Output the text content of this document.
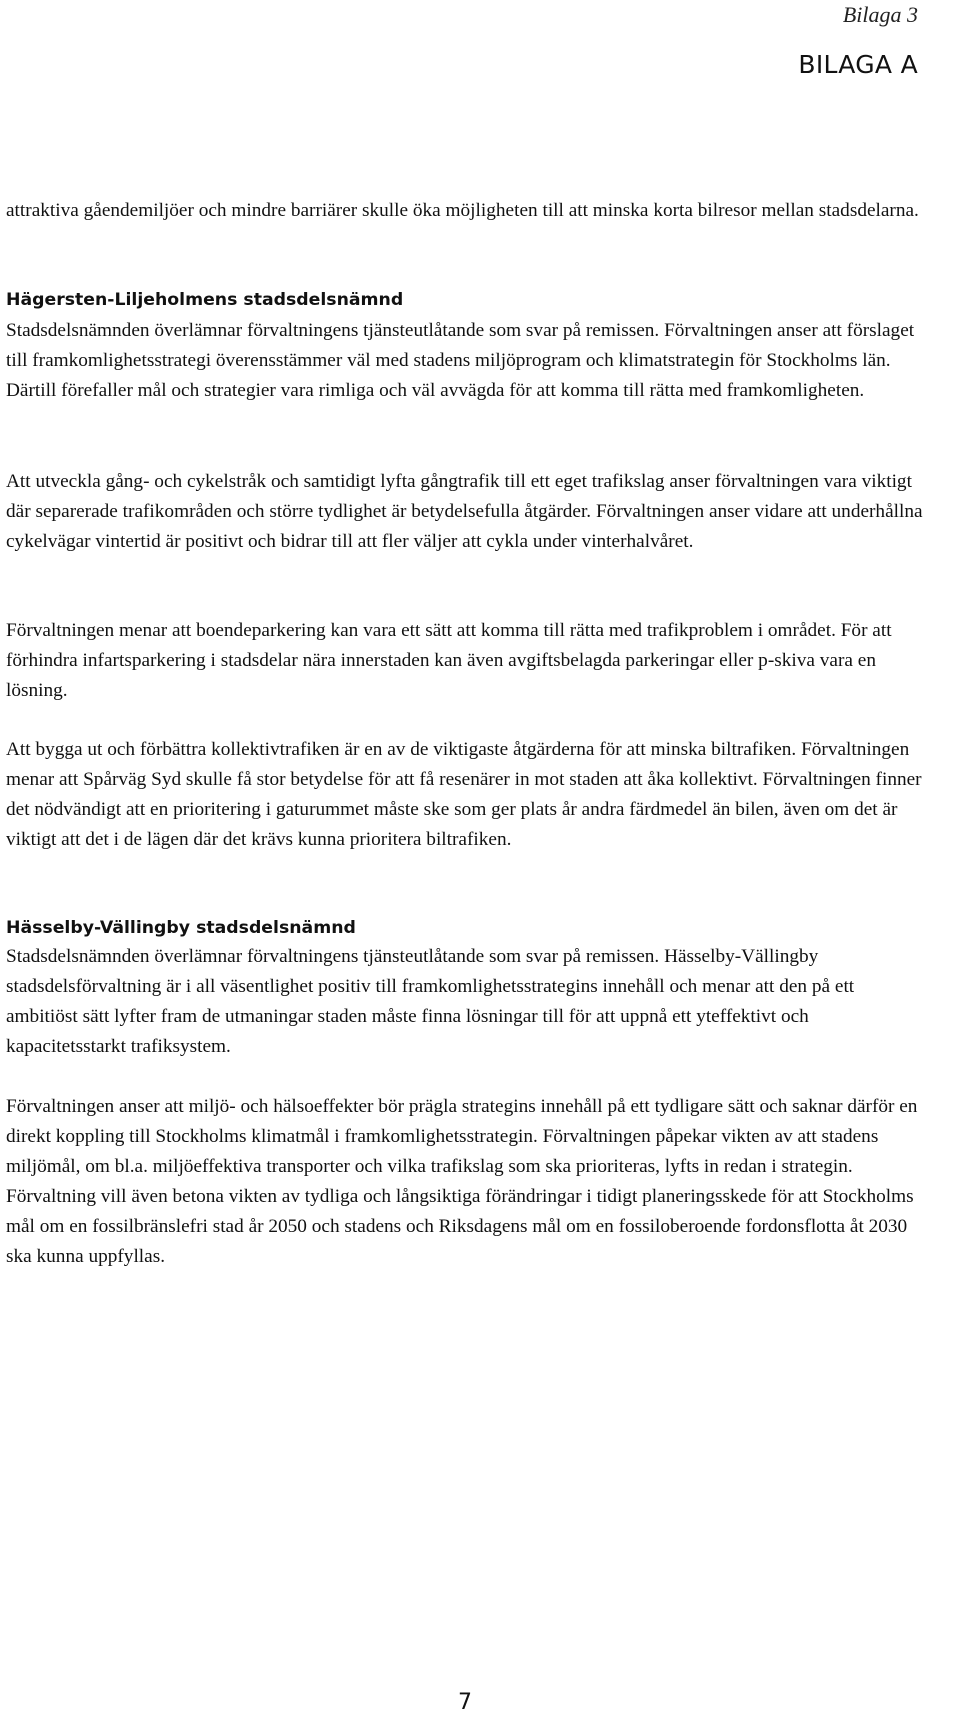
Bilaga 3
BILAGA A

attraktiva gåendemiljöer och mindre barriärer skulle öka möjligheten till att minska korta bilresor mellan stadsdelarna.

Hägersten-Liljeholmens stadsdelsnämnd

Stadsdelsnämnden överlämnar förvaltningens tjänsteutlåtande som svar på remissen. Förvaltningen anser att förslaget till framkomlighetsstrategi överensstämmer väl med stadens miljöprogram och klimatstrategin för Stockholms län. Därtill förefaller mål och strategier vara rimliga och väl avvägda för att komma till rätta med framkomligheten.

Att utveckla gång- och cykelstråk och samtidigt lyfta gångtrafik till ett eget trafikslag anser förvaltningen vara viktigt där separerade trafikområden och större tydlighet är betydelsefulla åtgärder. Förvaltningen anser vidare att underhållna cykelvägar vintertid är positivt och bidrar till att fler väljer att cykla under vinterhalvåret.

Förvaltningen menar att boendeparkering kan vara ett sätt att komma till rätta med trafikproblem i området. För att förhindra infartsparkering i stadsdelar nära innerstaden kan även avgiftsbelagda parkeringar eller p-skiva vara en lösning.

Att bygga ut och förbättra kollektivtrafiken är en av de viktigaste åtgärderna för att minska biltrafiken. Förvaltningen menar att Spårväg Syd skulle få stor betydelse för att få resenärer in mot staden att åka kollektivt. Förvaltningen finner det nödvändigt att en prioritering i gaturummet måste ske som ger plats år andra färdmedel än bilen, även om det är viktigt att det i de lägen där det krävs kunna prioritera biltrafiken.

Hässelby-Vällingby stadsdelsnämnd

Stadsdelsnämnden överlämnar förvaltningens tjänsteutlåtande som svar på remissen. Hässelby-Vällingby stadsdelsförvaltning är i all väsentlighet positiv till framkomlighetsstrategins innehåll och menar att den på ett ambitiöst sätt lyfter fram de utmaningar staden måste finna lösningar till för att uppnå ett yteffektivt och kapacitetsstarkt trafiksystem.

Förvaltningen anser att miljö- och hälsoeffekter bör prägla strategins innehåll på ett tydligare sätt och saknar därför en direkt koppling till Stockholms klimatmål i framkomlighetsstrategin. Förvaltningen påpekar vikten av att stadens miljömål, om bl.a. miljöeffektiva transporter och vilka trafikslag som ska prioriteras, lyfts in redan i strategin. Förvaltning vill även betona vikten av tydliga och långsiktiga förändringar i tidigt planeringsskede för att Stockholms mål om en fossilbränslefri stad år 2050 och stadens och Riksdagens mål om en fossiloberoende fordonsflotta åt 2030 ska kunna uppfyllas.

7
